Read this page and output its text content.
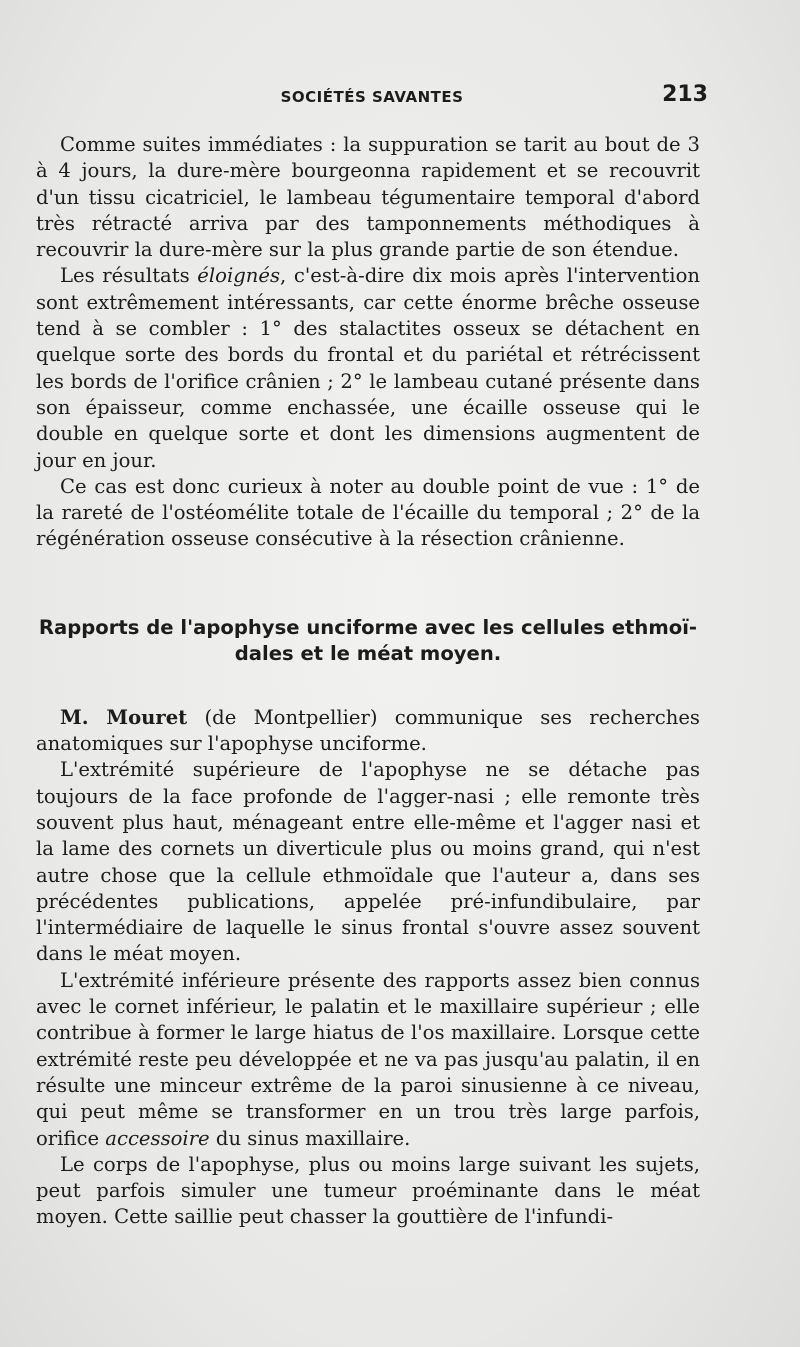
SOCIÉTÉS SAVANTES	213

Comme suites immédiates : la suppuration se tarit au bout de 3 à 4 jours, la dure-mère bourgeonna rapidement et se recouvrit d'un tissu cicatriciel, le lambeau tégumentaire temporal d'abord très rétracté arriva par des tamponnements méthodiques à recouvrir la dure-mère sur la plus grande partie de son étendue.

Les résultats éloignés, c'est-à-dire dix mois après l'intervention sont extrêmement intéressants, car cette énorme brêche osseuse tend à se combler : 1° des stalactites osseux se détachent en quelque sorte des bords du frontal et du pariétal et rétrécissent les bords de l'orifice crânien ; 2° le lambeau cutané présente dans son épaisseur, comme enchassée, une écaille osseuse qui le double en quelque sorte et dont les dimensions augmentent de jour en jour.

Ce cas est donc curieux à noter au double point de vue : 1° de la rareté de l'ostéomélite totale de l'écaille du temporal ; 2° de la régénération osseuse consécutive à la résection crânienne.

Rapports de l'apophyse unciforme avec les cellules ethmoï-
dales et le méat moyen.

M. Mouret (de Montpellier) communique ses recherches anatomiques sur l'apophyse unciforme.

L'extrémité supérieure de l'apophyse ne se détache pas toujours de la face profonde de l'agger-nasi ; elle remonte très souvent plus haut, ménageant entre elle-même et l'agger nasi et la lame des cornets un diverticule plus ou moins grand, qui n'est autre chose que la cellule ethmoïdale que l'auteur a, dans ses précédentes publications, appelée pré-infundibulaire, par l'intermédiaire de laquelle le sinus frontal s'ouvre assez souvent dans le méat moyen.

L'extrémité inférieure présente des rapports assez bien connus avec le cornet inférieur, le palatin et le maxillaire supérieur ; elle contribue à former le large hiatus de l'os maxillaire. Lorsque cette extrémité reste peu développée et ne va pas jusqu'au palatin, il en résulte une minceur extrême de la paroi sinusienne à ce niveau, qui peut même se transformer en un trou très large parfois, orifice accessoire du sinus maxillaire.

Le corps de l'apophyse, plus ou moins large suivant les sujets, peut parfois simuler une tumeur proéminante dans le méat moyen. Cette saillie peut chasser la gouttière de l'infundi-
